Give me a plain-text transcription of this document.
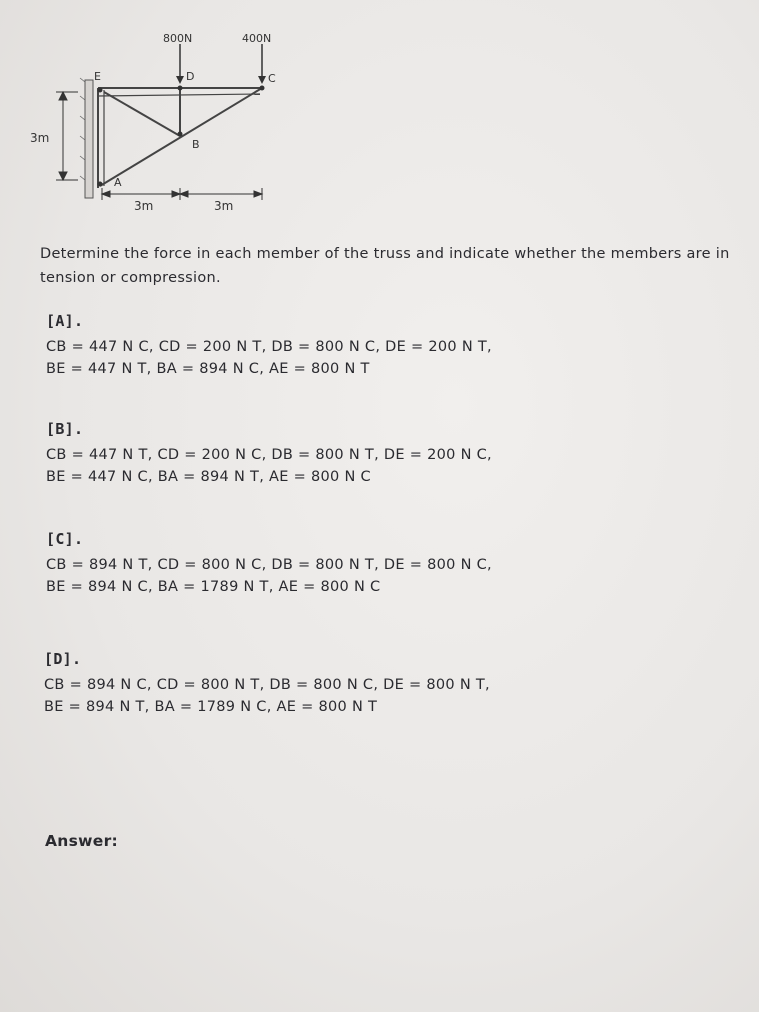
800N	400N
E	D	C
B
A
3m
3m	3m
Determine the force in each member of the truss and indicate whether the members are in
tension or compression.
[A].
CB = 447 N C, CD = 200 N T, DB = 800 N C, DE = 200 N T,
BE = 447 N T, BA = 894 N C, AE = 800 N T
[B].
CB = 447 N T, CD = 200 N C, DB = 800 N T, DE = 200 N C,
BE = 447 N C, BA = 894 N T, AE = 800 N C
[C].
CB = 894 N T, CD = 800 N C, DB = 800 N T, DE = 800 N C,
BE = 894 N C, BA = 1789 N T, AE = 800 N C
[D].
CB = 894 N C, CD = 800 N T, DB = 800 N C, DE = 800 N T,
BE = 894 N T, BA = 1789 N C, AE = 800 N T
Answer:
